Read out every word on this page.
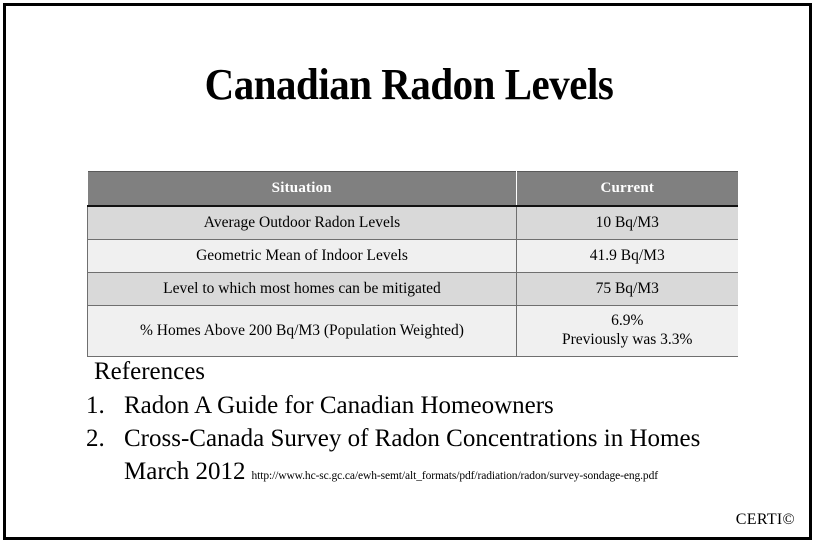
Canadian Radon Levels
Situation	Current
Average Outdoor Radon Levels	10 Bq/M3
Geometric Mean of Indoor Levels	41.9 Bq/M3
Level to which most homes can be mitigated	75 Bq/M3
% Homes Above 200 Bq/M3 (Population Weighted)	6.9%
Previously was 3.3%
References
1. Radon A Guide for Canadian Homeowners
2. Cross-Canada Survey of Radon Concentrations in Homes
March 2012 http://www.hc-sc.gc.ca/ewh-semt/alt_formats/pdf/radiation/radon/survey-sondage-eng.pdf
CERTI©
